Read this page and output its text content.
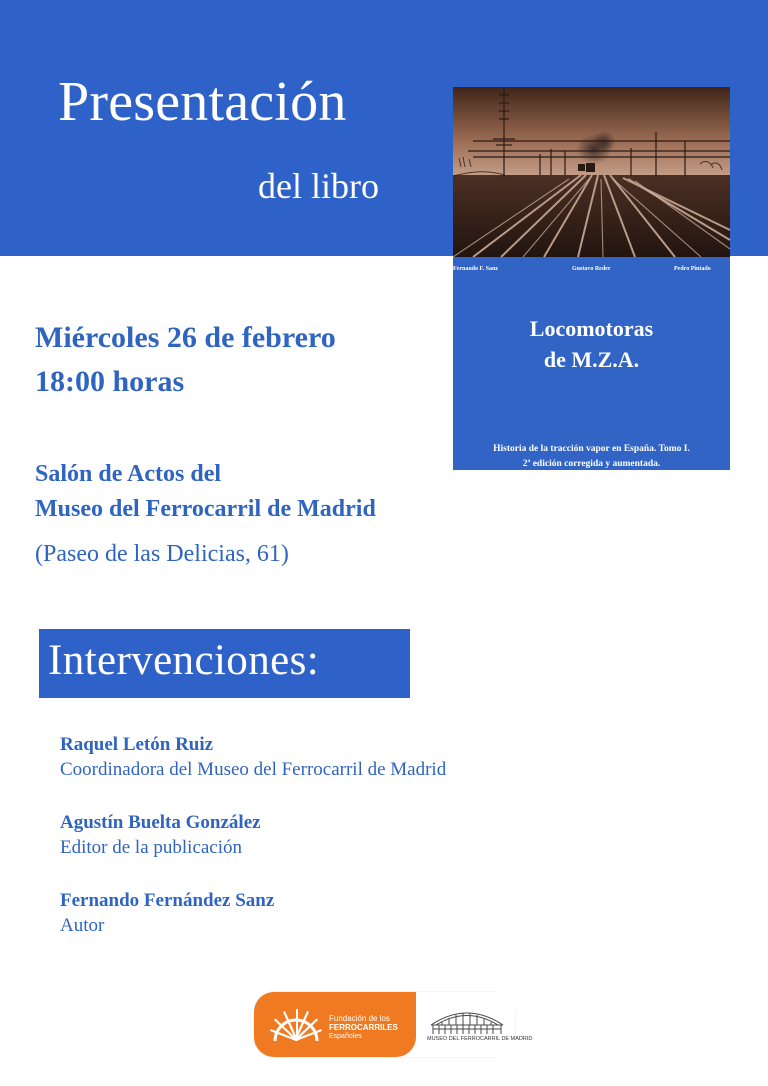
Presentación
del libro
Fernando F. Sanz	Gustavo Reder	Pedro Pintado
Locomotoras
de M.Z.A.
Historia de la tracción vapor en España. Tomo I.
2ª edición corregida y aumentada.
Miércoles 26 de febrero
18:00 horas
Salón de Actos del
Museo del Ferrocarril de Madrid
(Paseo de las Delicias, 61)
Intervenciones:
Raquel Letón Ruiz
Coordinadora del Museo del Ferrocarril de Madrid
Agustín Buelta González
Editor de la publicación
Fernando Fernández Sanz
Autor
Fundación de los
FERROCARRILES
Españoles	MUSEO DEL FERROCARRIL DE MADRID
